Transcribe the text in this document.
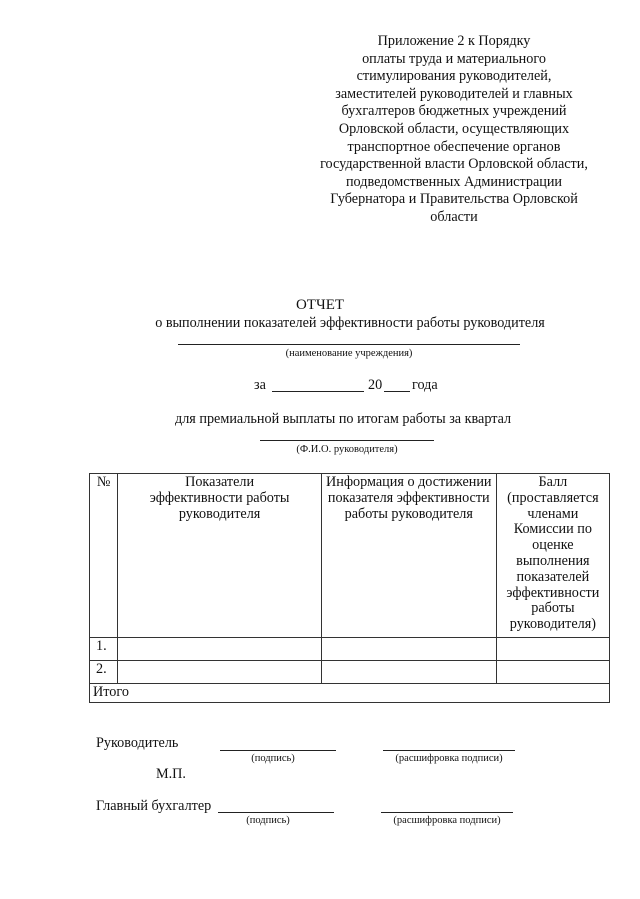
Приложение 2 к Порядку
оплаты труда и материального
стимулирования руководителей,
заместителей руководителей и главных
бухгалтеров бюджетных учреждений
Орловской области, осуществляющих
транспортное обеспечение органов
государственной власти Орловской области,
подведомственных Администрации
Губернатора и Правительства Орловской
области
ОТЧЕТ
о выполнении показателей эффективности работы руководителя
(наименование учреждения)
за	20 года
для премиальной выплаты по итогам работы за квартал
(Ф.И.О. руководителя)
№	Показатели эффективности работы руководителя	Информация о достижении показателя эффективности работы руководителя	Балл (проставляется членами Комиссии по оценке выполнения показателей эффективности работы руководителя)
1.			
2.			
Итого			
Руководитель
(подпись)	(расшифровка подписи)
М.П.
Главный бухгалтер
(подпись)	(расшифровка подписи)
